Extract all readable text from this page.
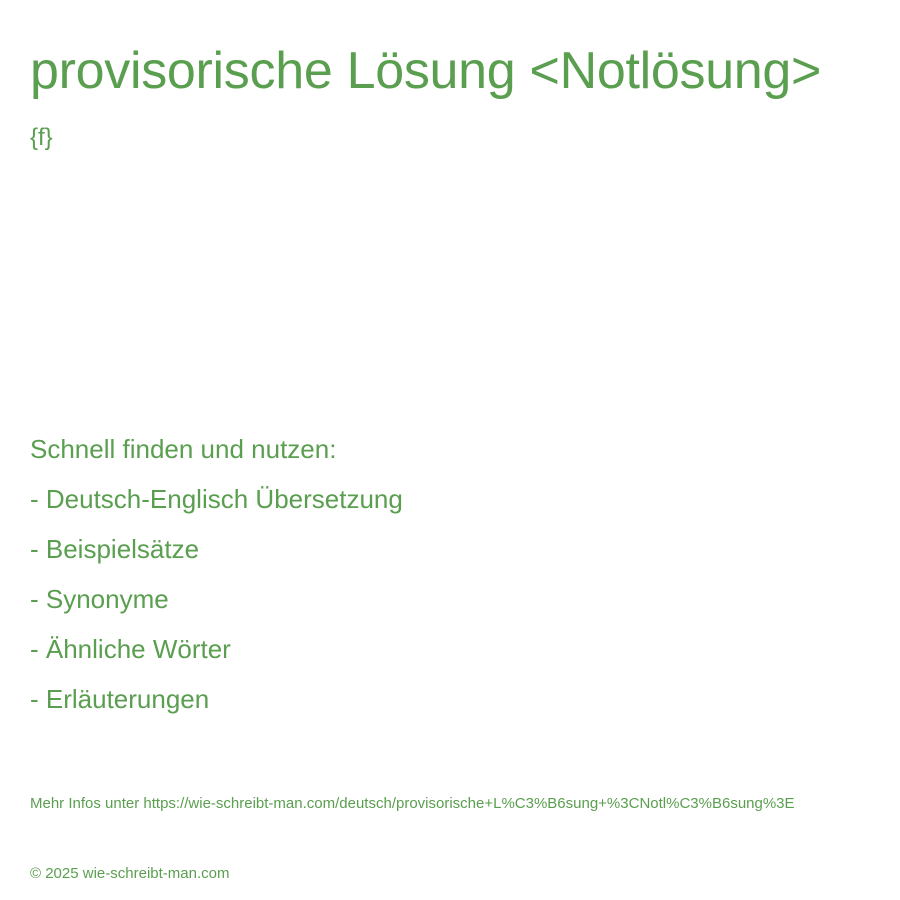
provisorische Lösung <Notlösung>
{f}
Schnell finden und nutzen:
- Deutsch-Englisch Übersetzung
- Beispielsätze
- Synonyme
- Ähnliche Wörter
- Erläuterungen
Mehr Infos unter https://wie-schreibt-man.com/deutsch/provisorische+L%C3%B6sung+%3CNotl%C3%B6sung%3E
© 2025 wie-schreibt-man.com
